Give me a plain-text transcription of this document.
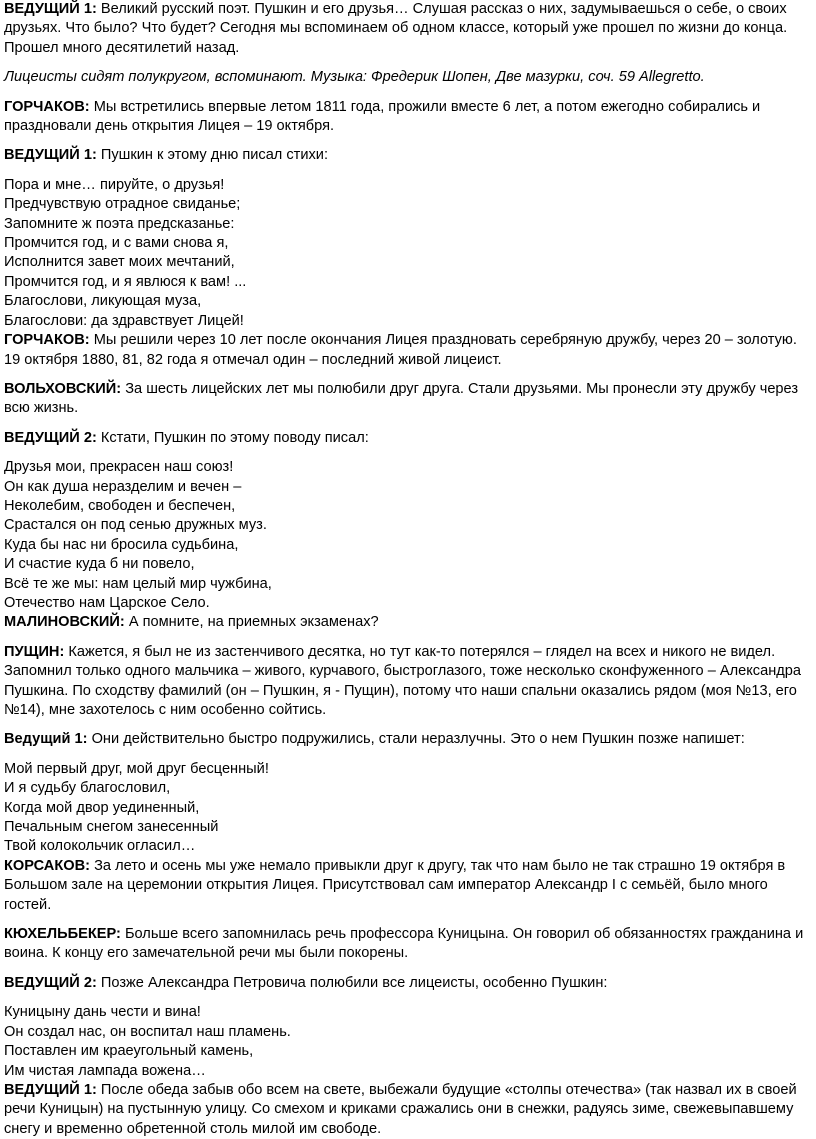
ВЕДУЩИЙ 1: Великий русский поэт. Пушкин и его друзья… Слушая рассказ о них, задумываешься о себе, о своих друзьях. Что было? Что будет? Сегодня мы вспоминаем об одном классе, который уже прошел по жизни до конца. Прошел много десятилетий назад.

Лицеисты сидят полукругом, вспоминают. Музыка: Фредерик Шопен, Две мазурки, соч. 59 Allegretto.

ГОРЧАКОВ: Мы встретились впервые летом 1811 года, прожили вместе 6 лет, а потом ежегодно собирались и праздновали день открытия Лицея – 19 октября.

ВЕДУЩИЙ 1: Пушкин к этому дню писал стихи:

Пора и мне… пируйте, о друзья!
Предчувствую отрадное свиданье;
Запомните ж поэта предсказанье:
Промчится год, и с вами снова я,
Исполнится завет моих мечтаний,
Промчится год, и я явлюся к вам! ...
Благослови, ликующая муза,
Благослови: да здравствует Лицей!

ГОРЧАКОВ: Мы решили через 10 лет после окончания Лицея праздновать серебряную дружбу, через 20 – золотую. 19 октября 1880, 81, 82 года я отмечал один – последний живой лицеист.

ВОЛЬХОВСКИЙ: За шесть лицейских лет мы полюбили друг друга. Стали друзьями. Мы пронесли эту дружбу через всю жизнь.

ВЕДУЩИЙ 2: Кстати, Пушкин по этому поводу писал:

Друзья мои, прекрасен наш союз!
Он как душа неразделим и вечен –
Неколебим, свободен и беспечен,
Срастался он под сенью дружных муз.
Куда бы нас ни бросила судьбина,
И счастие куда б ни повело,
Всё те же мы: нам целый мир чужбина,
Отечество нам Царское Село.

МАЛИНОВСКИЙ: А помните, на приемных экзаменах?

ПУЩИН: Кажется, я был не из застенчивого десятка, но тут как-то потерялся – глядел на всех и никого не видел. Запомнил только одного мальчика – живого, курчавого, быстроглазого, тоже несколько сконфуженного – Александра Пушкина. По сходству фамилий (он – Пушкин, я - Пущин), потому что наши спальни оказались рядом (моя №13, его №14), мне захотелось с ним особенно сойтись.

Ведущий 1: Они действительно быстро подружились, стали неразлучны. Это о нем Пушкин позже напишет:

Мой первый друг, мой друг бесценный!
И я судьбу благословил,
Когда мой двор уединенный,
Печальным снегом занесенный
Твой колокольчик огласил…

КОРСАКОВ: За лето и осень мы уже немало привыкли друг к другу, так что нам было не так страшно 19 октября в Большом зале на церемонии открытия Лицея. Присутствовал сам император Александр I с семьёй, было много гостей.

КЮХЕЛЬБЕКЕР: Больше всего запомнилась речь профессора Куницына. Он говорил об обязанностях гражданина и воина. К концу его замечательной речи мы были покорены.

ВЕДУЩИЙ 2: Позже Александра Петровича полюбили все лицеисты, особенно Пушкин:

Куницыну дань чести и вина!
Он создал нас, он воспитал наш пламень.
Поставлен им краеугольный камень,
Им чистая лампада вожена…

ВЕДУЩИЙ 1: После обеда забыв обо всем на свете, выбежали будущие «столпы отечества» (так назвал их в своей речи Куницын) на пустынную улицу. Со смехом и криками сражались они в снежки, радуясь зиме, свежевыпавшему снегу и временно обретенной столь милой им свободе.
